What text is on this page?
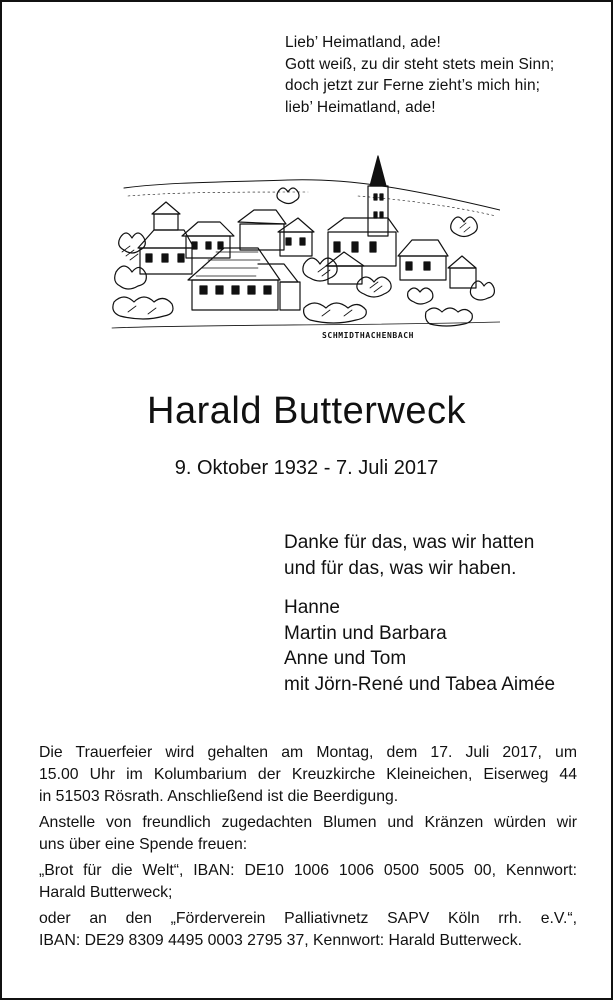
Lieb’ Heimatland, ade!
Gott weiß, zu dir steht stets mein Sinn;
doch jetzt zur Ferne zieht’s mich hin;
lieb’ Heimatland, ade!
SCHMIDTHACHENBACH
Harald Butterweck
9. Oktober 1932 - 7. Juli 2017
Danke für das, was wir hatten
und für das, was wir haben.
Hanne
Martin und Barbara
Anne und Tom
mit Jörn-René und Tabea Aimée

Die Trauerfeier wird gehalten am Montag, dem 17. Juli 2017, um
15.00 Uhr im Kolumbarium der Kreuzkirche Kleineichen, Eiserweg 44
in 51503 Rösrath. Anschließend ist die Beerdigung.

Anstelle von freundlich zugedachten Blumen und Kränzen würden wir
uns über eine Spende freuen:

„Brot für die Welt“, IBAN: DE10 1006 1006 0500 5005 00, Kennwort:
Harald Butterweck;

oder an den „Förderverein Palliativnetz SAPV Köln rrh. e.V.“,
IBAN: DE29 8309 4495 0003 2795 37, Kennwort: Harald Butterweck.
